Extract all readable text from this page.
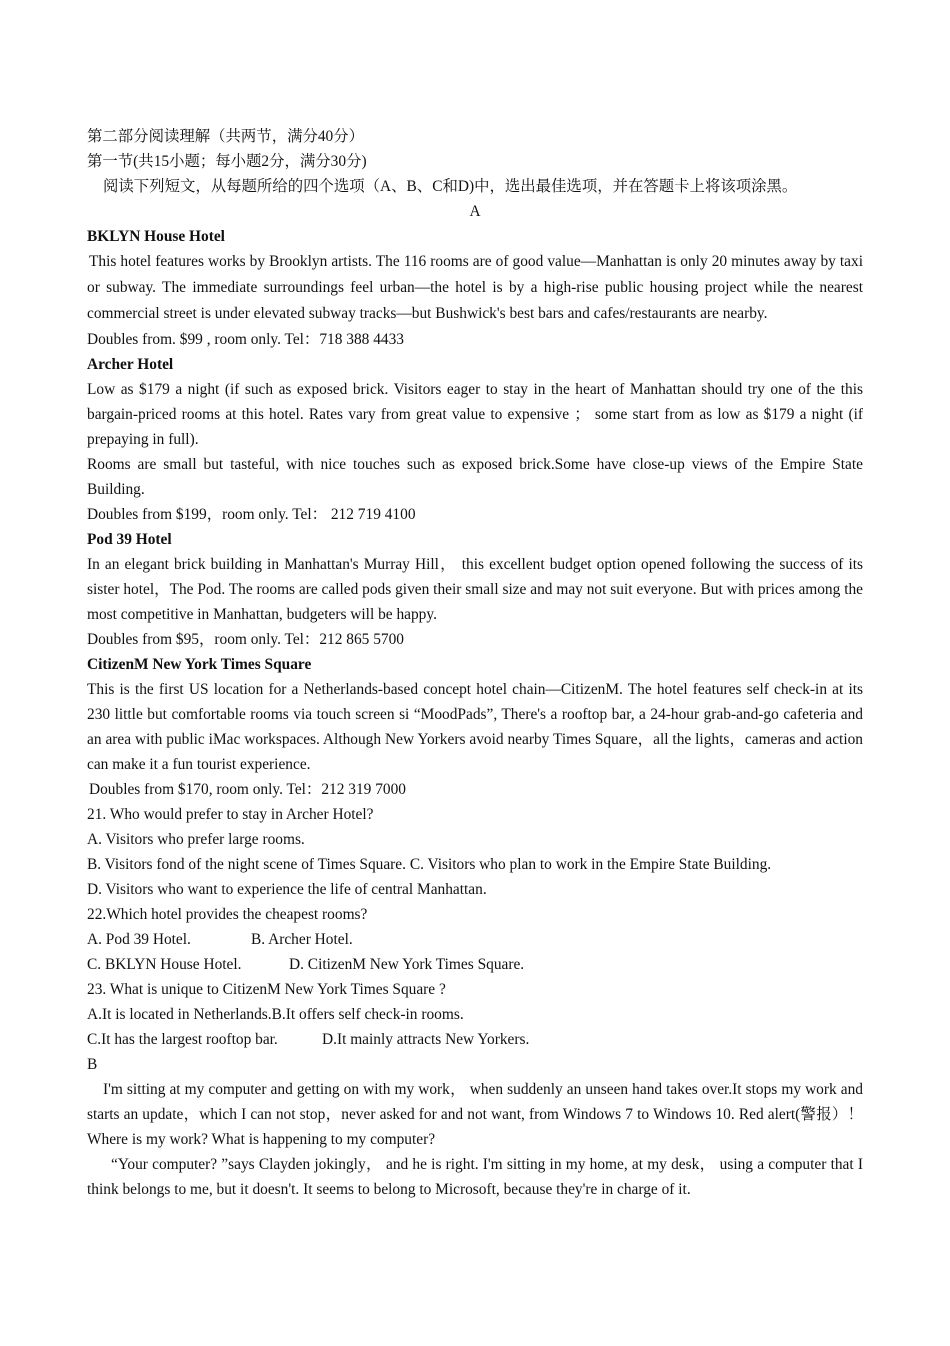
第二部分阅读理解（共两节，满分40分）
第一节(共15小题；每小题2分，满分30分)
阅读下列短文，从每题所给的四个选项（A、B、C和D)中，选出最佳选项，并在答题卡上将该项涂黑。
A
BKLYN House Hotel
This hotel features works by Brooklyn artists. The 116 rooms are of good value—Manhattan is only 20 minutes away by taxi or subway. The immediate surroundings feel urban—the hotel is by a high-rise public housing project while the nearest commercial street is under elevated subway tracks—but Bushwick's best bars and cafes/restaurants are nearby.
Doubles from. $99 , room only. Tel：718 388 4433
Archer Hotel
Low as $179 a night (if such as exposed brick. Visitors eager to stay in the heart of Manhattan should try one of the this bargain-priced rooms at this hotel. Rates vary from great value to expensive ； some start from as low as $179 a night (if prepaying in full).
Rooms are small but tasteful, with nice touches such as exposed brick.Some have close-up views of the Empire State Building.
Doubles from $199，room only. Tel： 212 719 4100
Pod 39 Hotel
In an elegant brick building in Manhattan's Murray Hill， this excellent budget option opened following the success of its sister hotel，The Pod. The rooms are called pods given their small size and may not suit everyone. But with prices among the most competitive in Manhattan, budgeters will be happy.
Doubles from $95，room only. Tel：212 865 5700
CitizenM New York Times Square
This is the first US location for a Netherlands-based concept hotel chain—CitizenM. The hotel features self check-in at its 230 little but comfortable rooms via touch screen si “MoodPads”, There's a rooftop bar, a 24-hour grab-and-go cafeteria and an area with public iMac workspaces. Although New Yorkers avoid nearby Times Square，all the lights，cameras and action can make it a fun tourist experience.
Doubles from $170, room only. Tel：212 319 7000
21. Who would prefer to stay in Archer Hotel?
A. Visitors who prefer large rooms.
B. Visitors fond of the night scene of Times Square. C. Visitors who plan to work in the Empire State Building.
D. Visitors who want to experience the life of central Manhattan.
22.Which hotel provides the cheapest rooms?
A. Pod 39 Hotel.	B. Archer Hotel.
C. BKLYN House Hotel.	D. CitizenM New York Times Square.
23. What is unique to CitizenM New York Times Square ?
A.It is located in Netherlands.B.It offers self check-in rooms.
C.It has the largest rooftop bar.	D.It mainly attracts New Yorkers.
B
I'm sitting at my computer and getting on with my work， when suddenly an unseen hand takes over.It stops my work and starts an update，which I can not stop，never asked for and not want, from Windows 7 to Windows 10. Red alert(警报）！ Where is my work? What is happening to my computer?
“Your computer? ”says Clayden jokingly， and he is right. I'm sitting in my home, at my desk， using a computer that I think belongs to me, but it doesn't. It seems to belong to Microsoft, because they're in charge of it.
